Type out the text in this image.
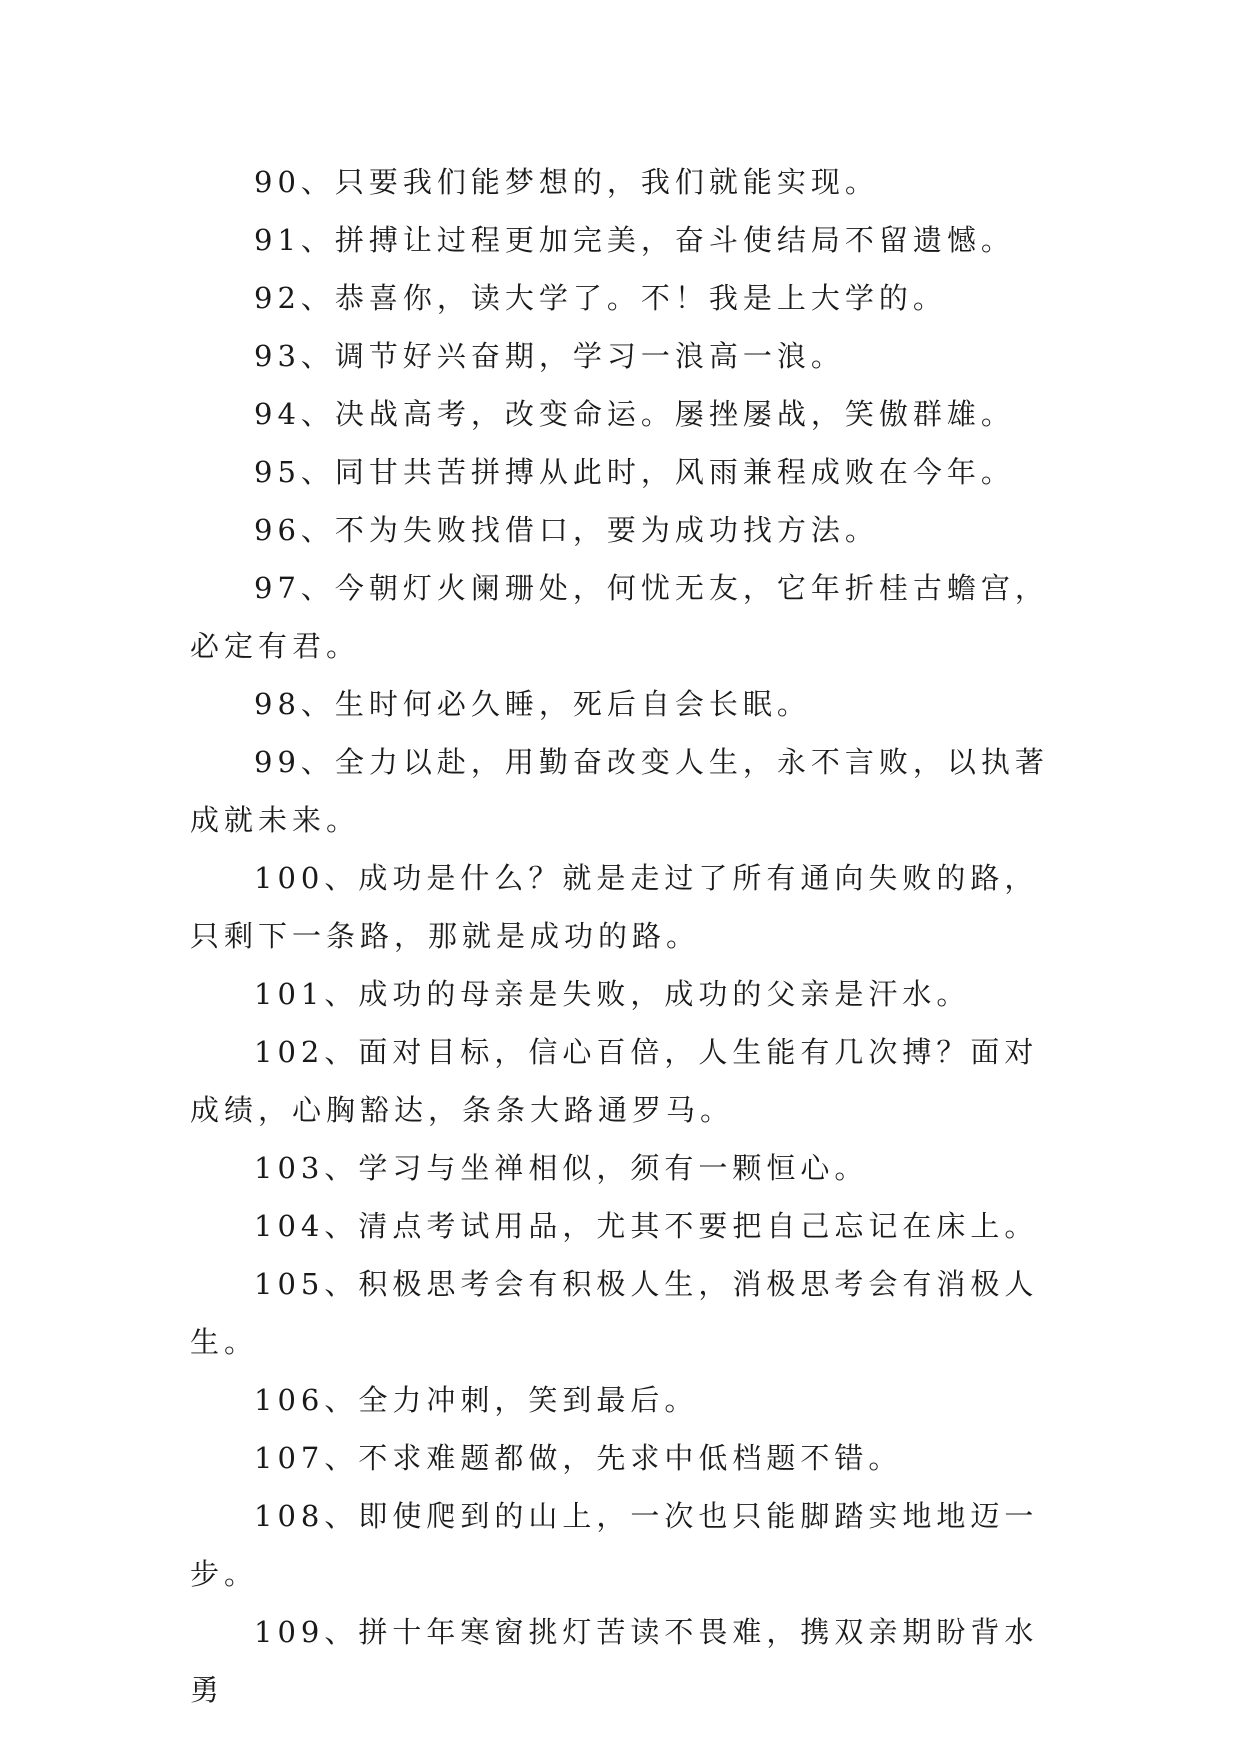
90、只要我们能梦想的，我们就能实现。

91、拼搏让过程更加完美，奋斗使结局不留遗憾。

92、恭喜你，读大学了。不！我是上大学的。

93、调节好兴奋期，学习一浪高一浪。

94、决战高考，改变命运。屡挫屡战，笑傲群雄。

95、同甘共苦拼搏从此时，风雨兼程成败在今年。

96、不为失败找借口，要为成功找方法。

97、今朝灯火阑珊处，何忧无友，它年折桂古蟾宫，必定有君。

98、生时何必久睡，死后自会长眠。

99、全力以赴，用勤奋改变人生，永不言败，以执著成就未来。

100、成功是什么？就是走过了所有通向失败的路，只剩下一条路，那就是成功的路。

101、成功的母亲是失败，成功的父亲是汗水。

102、面对目标，信心百倍，人生能有几次搏？面对成绩，心胸豁达，条条大路通罗马。

103、学习与坐禅相似，须有一颗恒心。

104、清点考试用品，尤其不要把自己忘记在床上。

105、积极思考会有积极人生，消极思考会有消极人生。

106、全力冲刺，笑到最后。

107、不求难题都做，先求中低档题不错。

108、即使爬到的山上，一次也只能脚踏实地地迈一步。

109、拼十年寒窗挑灯苦读不畏难，携双亲期盼背水勇
